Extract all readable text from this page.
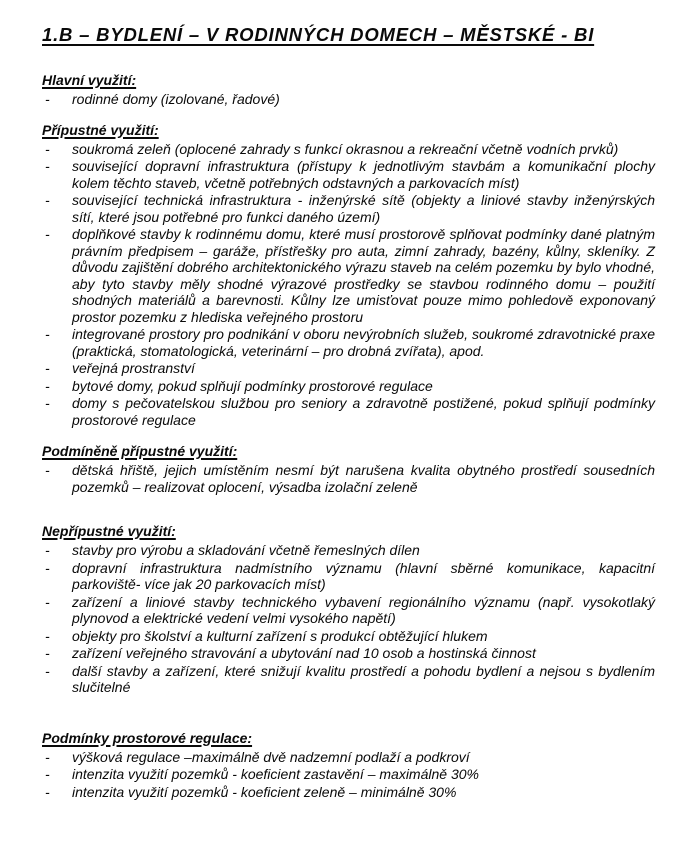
1.B – BYDLENÍ – V RODINNÝCH DOMECH – MĚSTSKÉ - BI
Hlavní využití:
- rodinné domy (izolované, řadové)
Přípustné využití:
- soukromá zeleň (oplocené zahrady s funkcí okrasnou a rekreační včetně vodních prvků)
- související dopravní infrastruktura (přístupy k jednotlivým stavbám a komunikační plochy kolem těchto staveb, včetně potřebných odstavných a parkovacích míst)
- související technická infrastruktura - inženýrské sítě (objekty a liniové stavby inženýrských sítí, které jsou potřebné pro funkci daného území)
- doplňkové stavby k rodinnému domu, které musí prostorově splňovat podmínky dané platným právním předpisem – garáže, přístřešky pro auta, zimní zahrady, bazény, kůlny, skleníky. Z důvodu zajištění dobrého architektonického výrazu staveb na celém pozemku by bylo vhodné, aby tyto stavby měly shodné výrazové prostředky se stavbou rodinného domu – použití shodných materiálů a barevnosti. Kůlny lze umisťovat pouze mimo pohledově exponovaný prostor pozemku z hlediska veřejného prostoru
- integrované prostory pro podnikání v oboru nevýrobních služeb, soukromé zdravotnické praxe (praktická, stomatologická, veterinární – pro drobná zvířata), apod.
- veřejná prostranství
- bytové domy, pokud splňují podmínky prostorové regulace
- domy s pečovatelskou službou pro seniory a zdravotně postižené, pokud splňují podmínky prostorové regulace
Podmíněně přípustné využití:
- dětská hřiště, jejich umístěním nesmí být narušena kvalita obytného prostředí sousedních pozemků – realizovat oplocení, výsadba izolační zeleně
Nepřípustné využití:
- stavby pro výrobu a skladování včetně řemeslných dílen
- dopravní infrastruktura nadmístního významu (hlavní sběrné komunikace, kapacitní parkoviště- více jak 20 parkovacích míst)
- zařízení a liniové stavby technického vybavení regionálního významu (např. vysokotlaký plynovod a elektrické vedení velmi vysokého napětí)
- objekty pro školství a kulturní zařízení s produkcí obtěžující hlukem
- zařízení veřejného stravování a ubytování nad 10 osob a hostinská činnost
- další stavby a zařízení, které snižují kvalitu prostředí a pohodu bydlení a nejsou s bydlením slučitelné
Podmínky prostorové regulace:
- výšková regulace –maximálně dvě nadzemní podlaží a podkroví
- intenzita využití pozemků - koeficient zastavění – maximálně 30%
- intenzita využití pozemků - koeficient zeleně – minimálně 30%
